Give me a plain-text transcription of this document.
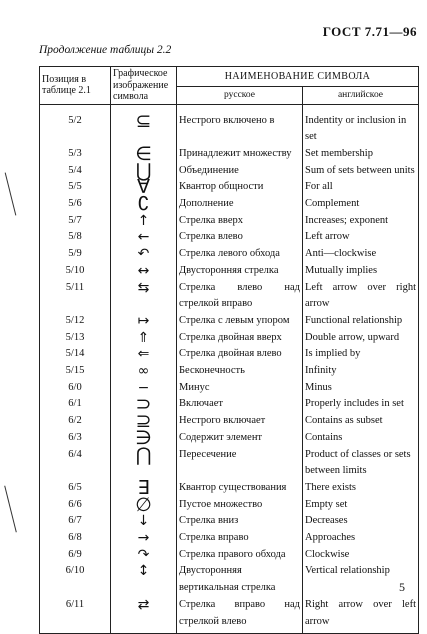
ГОСТ 7.71—96
Продолжение таблицы 2.2
Позиция в таблице 2.1	Графическое изображение символа	НАИМЕНОВАНИЕ СИМВОЛА	
		русское	английское
5/2	⊆	Нестрого включено в	Indentity or inclusion in set
5/3	∈	Принадлежит множеству	Set membership
5/4	⋃	Объединение	Sum of sets between units
5/5	∀	Квантор общности	For all
5/6	∁	Дополнение	Complement
5/7	↑	Стрелка вверх	Increases; exponent
5/8	←	Стрелка влево	Left arrow
5/9	↶	Стрелка левого обхода	Anti—clockwise
5/10	↔	Двусторонняя стрелка	Mutually implies
5/11	⇆	Стрелка влево над стрелкой вправо	Left arrow over right arrow
5/12	↦	Стрелка с левым упором	Functional relationship
5/13	⇑	Стрелка двойная вверх	Double arrow, upward
5/14	⇐	Стрелка двойная влево	Is implied by
5/15	∞	Бесконечность	Infinity
6/0	−	Минус	Minus
6/1	⊃	Включает	Properly includes in set
6/2	⊇	Нестрого включает	Contains as subset
6/3	∋	Содержит элемент	Contains
6/4	⋂	Пересечение	Product of classes or sets between limits
6/5	∃	Квантор существования	There exists
6/6	∅	Пустое множество	Empty set
6/7	↓	Стрелка вниз	Decreases
6/8	→	Стрелка вправо	Approaches
6/9	↷	Стрелка правого обхода	Clockwise
6/10	↕	Двусторонняя вертикальная стрелка	Vertical relationship
6/11	⇄	Стрелка вправо над стрелкой влево	Right arrow over left arrow
5
